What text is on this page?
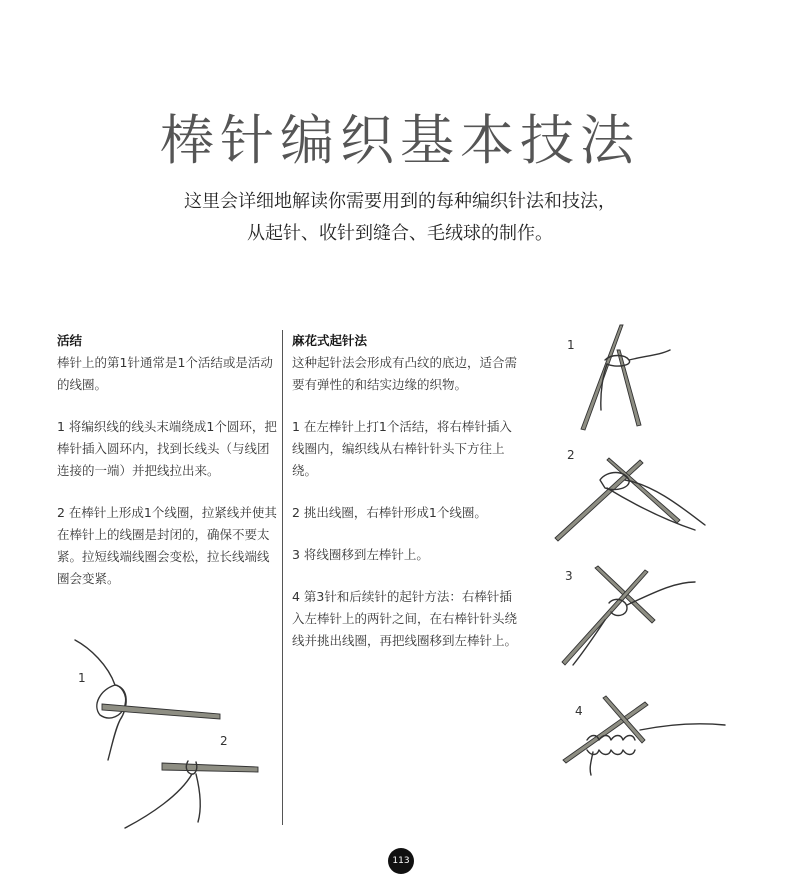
棒针编织基本技法
这里会详细地解读你需要用到的每种编织针法和技法，
从起针、收针到缝合、毛绒球的制作。
活结

棒针上的第1针通常是1个活结或是活动的线圈。

1 将编织线的线头末端绕成1个圆环，把棒针插入圆环内，找到长线头（与线团连接的一端）并把线拉出来。

2 在棒针上形成1个线圈，拉紧线并使其在棒针上的线圈是封闭的，确保不要太紧。拉短线端线圈会变松，拉长线端线圈会变紧。

麻花式起针法

这种起针法会形成有凸纹的底边，适合需要有弹性的和结实边缘的织物。

1 在左棒针上打1个活结，将右棒针插入线圈内，编织线从右棒针针头下方往上绕。

2 挑出线圈，右棒针形成1个线圈。

3 将线圈移到左棒针上。

4 第3针和后续针的起针方法：右棒针插入左棒针上的两针之间，在右棒针针头绕线并挑出线圈，再把线圈移到左棒针上。

1
2
1
2
3
4
113
